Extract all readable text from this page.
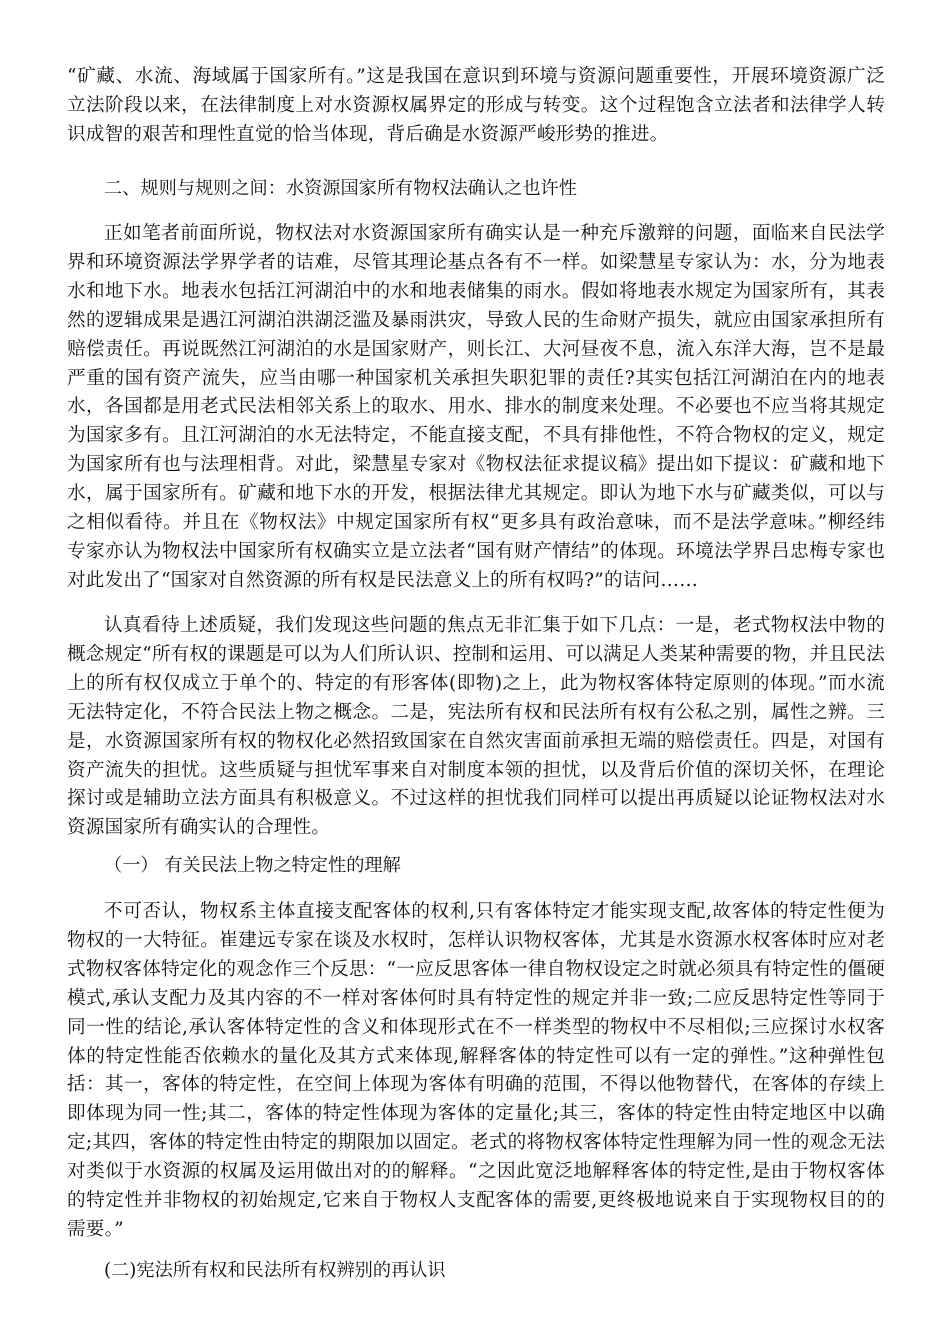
“矿藏、水流、海域属于国家所有。”这是我国在意识到环境与资源问题重要性，开展环境资源广泛立法阶段以来，在法律制度上对水资源权属界定的形成与转变。这个过程饱含立法者和法律学人转识成智的艰苦和理性直觉的恰当体现，背后确是水资源严峻形势的推进。

二、规则与规则之间：水资源国家所有物权法确认之也许性

正如笔者前面所说，物权法对水资源国家所有确实认是一种充斥激辩的问题，面临来自民法学界和环境资源法学界学者的诘难，尽管其理论基点各有不一样。如梁慧星专家认为：水，分为地表水和地下水。地表水包括江河湖泊中的水和地表储集的雨水。假如将地表水规定为国家所有，其表然的逻辑成果是遇江河湖泊洪湖泛滥及暴雨洪灾，导致人民的生命财产损失，就应由国家承担所有赔偿责任。再说既然江河湖泊的水是国家财产，则长江、大河昼夜不息，流入东洋大海，岂不是最严重的国有资产流失，应当由哪一种国家机关承担失职犯罪的责任?其实包括江河湖泊在内的地表水，各国都是用老式民法相邻关系上的取水、用水、排水的制度来处理。不必要也不应当将其规定为国家多有。且江河湖泊的水无法特定，不能直接支配，不具有排他性，不符合物权的定义，规定为国家所有也与法理相背。对此，梁慧星专家对《物权法征求提议稿》提出如下提议：矿藏和地下水，属于国家所有。矿藏和地下水的开发，根据法律尤其规定。即认为地下水与矿藏类似，可以与之相似看待。并且在《物权法》中规定国家所有权“更多具有政治意味，而不是法学意味。”柳经纬专家亦认为物权法中国家所有权确实立是立法者“国有财产情结”的体现。环境法学界吕忠梅专家也对此发出了“国家对自然资源的所有权是民法意义上的所有权吗?”的诘问……

认真看待上述质疑，我们发现这些问题的焦点无非汇集于如下几点：一是，老式物权法中物的概念规定“所有权的课题是可以为人们所认识、控制和运用、可以满足人类某种需要的物，并且民法上的所有权仅成立于单个的、特定的有形客体(即物)之上，此为物权客体特定原则的体现。”而水流无法特定化，不符合民法上物之概念。二是，宪法所有权和民法所有权有公私之别，属性之辨。三是，水资源国家所有权的物权化必然招致国家在自然灾害面前承担无端的赔偿责任。四是，对国有资产流失的担忧。这些质疑与担忧军事来自对制度本领的担忧，以及背后价值的深切关怀，在理论探讨或是辅助立法方面具有积极意义。不过这样的担忧我们同样可以提出再质疑以论证物权法对水资源国家所有确实认的合理性。

（一） 有关民法上物之特定性的理解

不可否认，物权系主体直接支配客体的权利,只有客体特定才能实现支配,故客体的特定性便为物权的一大特征。崔建远专家在谈及水权时，怎样认识物权客体，尤其是水资源水权客体时应对老式物权客体特定化的观念作三个反思：“一应反思客体一律自物权设定之时就必须具有特定性的僵硬模式,承认支配力及其内容的不一样对客体何时具有特定性的规定并非一致;二应反思特定性等同于同一性的结论,承认客体特定性的含义和体现形式在不一样类型的物权中不尽相似;三应探讨水权客体的特定性能否依赖水的量化及其方式来体现,解释客体的特定性可以有一定的弹性。”这种弹性包括：其一，客体的特定性，在空间上体现为客体有明确的范围，不得以他物替代，在客体的存续上即体现为同一性;其二，客体的特定性体现为客体的定量化;其三，客体的特定性由特定地区中以确定;其四，客体的特定性由特定的期限加以固定。老式的将物权客体特定性理解为同一性的观念无法对类似于水资源的权属及运用做出对的的解释。“之因此宽泛地解释客体的特定性,是由于物权客体的特定性并非物权的初始规定,它来自于物权人支配客体的需要,更终极地说来自于实现物权目的的需要。”

(二)宪法所有权和民法所有权辨别的再认识
